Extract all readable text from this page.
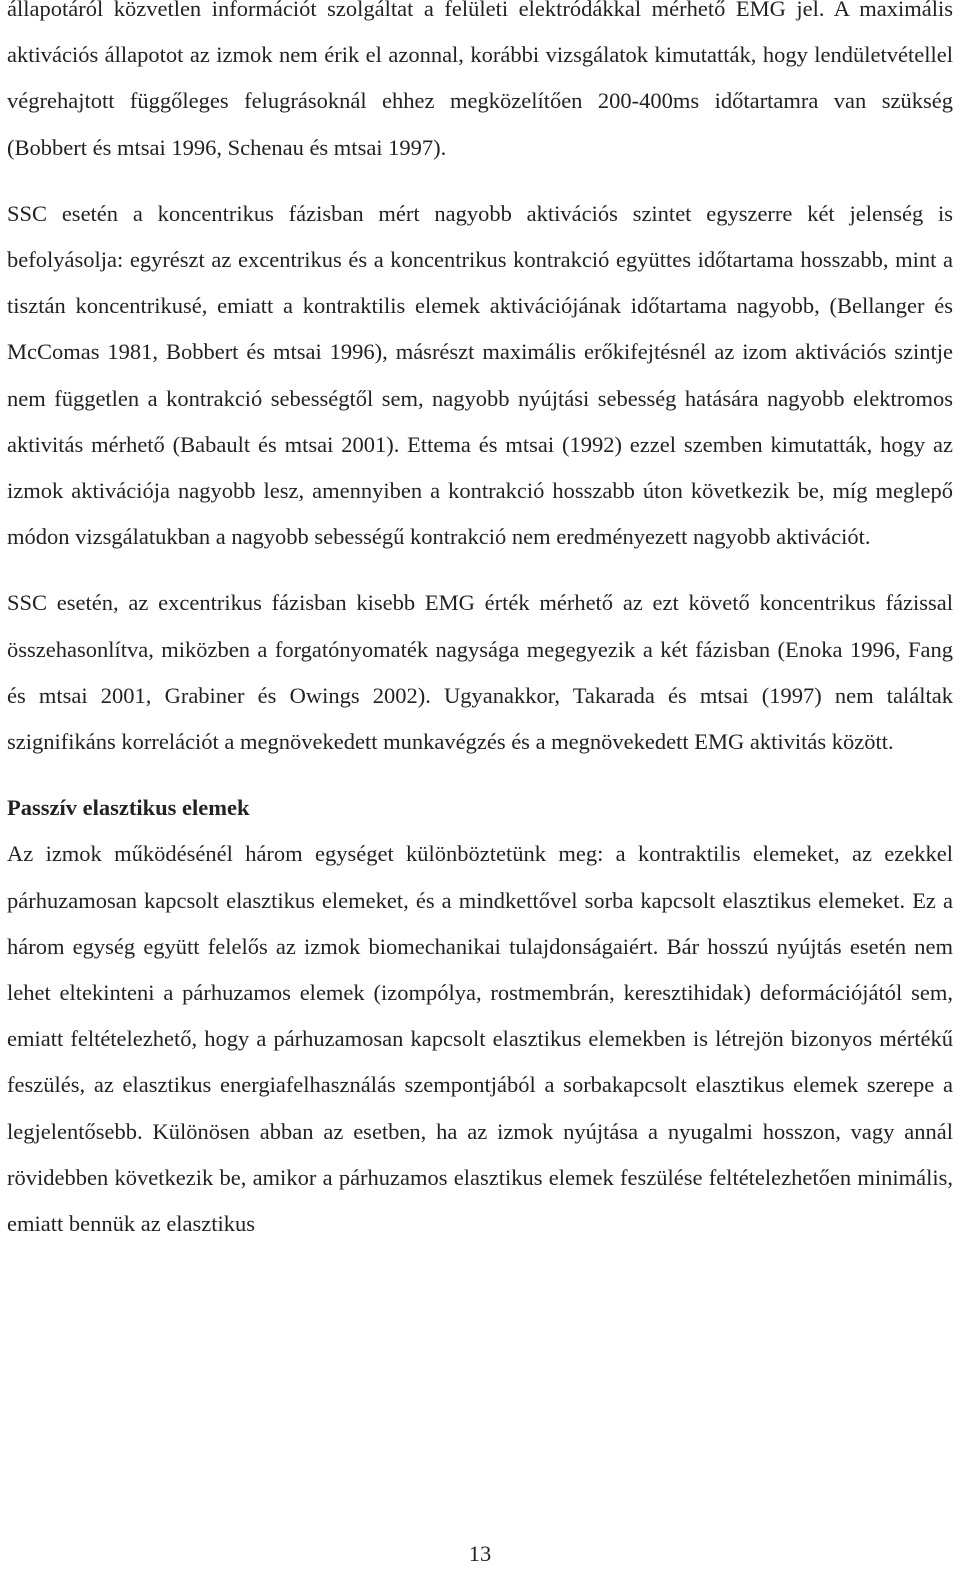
állapotáról közvetlen információt szolgáltat a felületi elektródákkal mérhető EMG jel. A maximális aktivációs állapotot az izmok nem érik el azonnal, korábbi vizsgálatok kimutatták, hogy lendületvétellel végrehajtott függőleges felugrásoknál ehhez megközelítően 200-400ms időtartamra van szükség (Bobbert és mtsai 1996, Schenau és mtsai 1997).

SSC esetén a koncentrikus fázisban mért nagyobb aktivációs szintet egyszerre két jelenség is befolyásolja: egyrészt az excentrikus és a koncentrikus kontrakció együttes időtartama hosszabb, mint a tisztán koncentrikusé, emiatt a kontraktilis elemek aktivációjának időtartama nagyobb, (Bellanger és McComas 1981, Bobbert és mtsai 1996), másrészt maximális erőkifejtésnél az izom aktivációs szintje nem független a kontrakció sebességtől sem, nagyobb nyújtási sebesség hatására nagyobb elektromos aktivitás mérhető (Babault és mtsai 2001). Ettema és mtsai (1992) ezzel szemben kimutatták, hogy az izmok aktivációja nagyobb lesz, amennyiben a kontrakció hosszabb úton következik be, míg meglepő módon vizsgálatukban a nagyobb sebességű kontrakció nem eredményezett nagyobb aktivációt.

SSC esetén, az excentrikus fázisban kisebb EMG érték mérhető az ezt követő koncentrikus fázissal összehasonlítva, miközben a forgatónyomaték nagysága megegyezik a két fázisban (Enoka 1996, Fang és mtsai 2001, Grabiner és Owings 2002). Ugyanakkor, Takarada és mtsai (1997) nem találtak szignifikáns korrelációt a megnövekedett munkavégzés és a megnövekedett EMG aktivitás között.

Passzív elasztikus elemek

Az izmok működésénél három egységet különböztetünk meg: a kontraktilis elemeket, az ezekkel párhuzamosan kapcsolt elasztikus elemeket, és a mindkettővel sorba kapcsolt elasztikus elemeket. Ez a három egység együtt felelős az izmok biomechanikai tulajdonságaiért. Bár hosszú nyújtás esetén nem lehet eltekinteni a párhuzamos elemek (izompólya, rostmembrán, keresztihidak) deformációjától sem, emiatt feltételezhető, hogy a párhuzamosan kapcsolt elasztikus elemekben is létrejön bizonyos mértékű feszülés, az elasztikus energiafelhasználás szempontjából a sorbakapcsolt elasztikus elemek szerepe a legjelentősebb. Különösen abban az esetben, ha az izmok nyújtása a nyugalmi hosszon, vagy annál rövidebben következik be, amikor a párhuzamos elasztikus elemek feszülése feltételezhetően minimális, emiatt bennük az elasztikus

13
